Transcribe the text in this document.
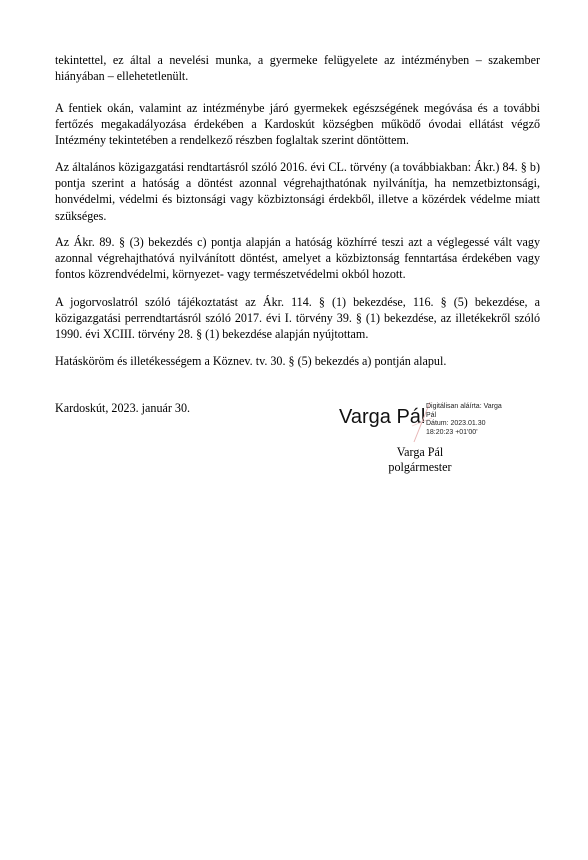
tekintettel, ez által a nevelési munka, a gyermeke felügyelete az intézményben – szakember hiányában – ellehetetlenült.

A fentiek okán, valamint az intézménybe járó gyermekek egészségének megóvása és a további fertőzés megakadályozása érdekében a Kardoskút községben működő óvodai ellátást végző Intézmény tekintetében a rendelkező részben foglaltak szerint döntöttem.

Az általános közigazgatási rendtartásról szóló 2016. évi CL. törvény (a továbbiakban: Ákr.) 84. § b) pontja szerint a hatóság a döntést azonnal végrehajthatónak nyilvánítja, ha nemzetbiztonsági, honvédelmi, védelmi és biztonsági vagy közbiztonsági érdekből, illetve a közérdek védelme miatt szükséges.

Az Ákr. 89. § (3) bekezdés c) pontja alapján a hatóság közhírré teszi azt a véglegessé vált vagy azonnal végrehajthatóvá nyilvánított döntést, amelyet a közbiztonság fenntartása érdekében vagy fontos közrendvédelmi, környezet- vagy természetvédelmi okból hozott.

A jogorvoslatról szóló tájékoztatást az Ákr. 114. § (1) bekezdése, 116. § (5) bekezdése, a közigazgatási perrendtartásról szóló 2017. évi I. törvény 39. § (1) bekezdése, az illetékekről szóló 1990. évi XCIII. törvény 28. § (1) bekezdése alapján nyújtottam.

Hatásköröm és illetékességem a Köznev. tv. 30. § (5) bekezdés a) pontján alapul.

Kardoskút, 2023. január 30.	Varga Pál Digitálisan aláírta: Varga
Pál
Dátum: 2023.01.30
18:20:23 +01'00'
Varga Pál
polgármester
